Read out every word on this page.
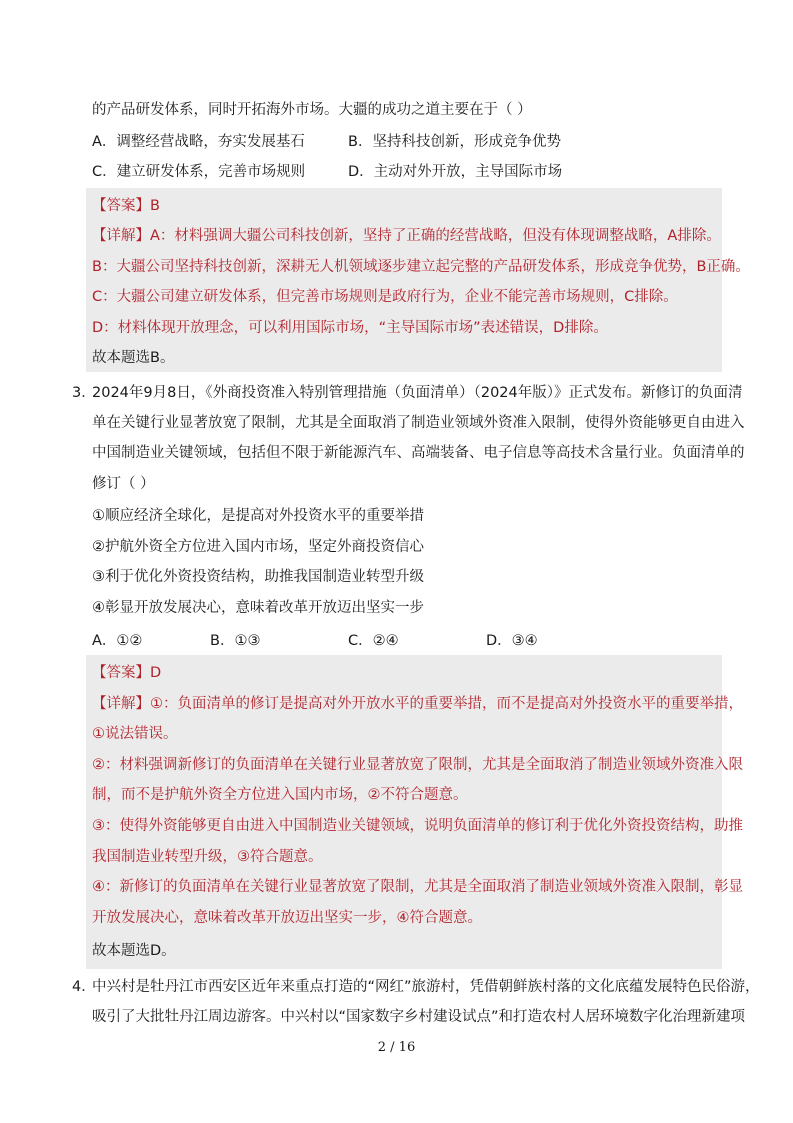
的产品研发体系，同时开拓海外市场。大疆的成功之道主要在于（ ）
A．调整经营战略，夯实发展基石	B．坚持科技创新，形成竞争优势
C．建立研发体系，完善市场规则	D．主动对外开放，主导国际市场
【答案】B
【详解】A：材料强调大疆公司科技创新，坚持了正确的经营战略，但没有体现调整战略，A排除。
B：大疆公司坚持科技创新，深耕无人机领域逐步建立起完整的产品研发体系，形成竞争优势，B正确。
C：大疆公司建立研发体系，但完善市场规则是政府行为，企业不能完善市场规则，C排除。
D：材料体现开放理念，可以利用国际市场，“主导国际市场”表述错误，D排除。
故本题选B。
3．
2024年9月8日，《外商投资准入特别管理措施（负面清单）（2024年版）》正式发布。新修订的负面清
单在关键行业显著放宽了限制，尤其是全面取消了制造业领域外资准入限制，使得外资能够更自由进入
中国制造业关键领域，包括但不限于新能源汽车、高端装备、电子信息等高技术含量行业。负面清单的
修订（ ）
①顺应经济全球化，是提高对外投资水平的重要举措
②护航外资全方位进入国内市场，坚定外商投资信心
③利于优化外资投资结构，助推我国制造业转型升级
④彰显开放发展决心，意味着改革开放迈出坚实一步
A．①②	B．①③	C．②④	D．③④
【答案】D
【详解】①：负面清单的修订是提高对外开放水平的重要举措，而不是提高对外投资水平的重要举措，
①说法错误。
②：材料强调新修订的负面清单在关键行业显著放宽了限制，尤其是全面取消了制造业领域外资准入限
制，而不是护航外资全方位进入国内市场，②不符合题意。
③：使得外资能够更自由进入中国制造业关键领域，说明负面清单的修订利于优化外资投资结构，助推
我国制造业转型升级，③符合题意。
④：新修订的负面清单在关键行业显著放宽了限制，尤其是全面取消了制造业领域外资准入限制，彰显
开放发展决心，意味着改革开放迈出坚实一步，④符合题意。
故本题选D。
4．
中兴村是牡丹江市西安区近年来重点打造的“网红”旅游村，凭借朝鲜族村落的文化底蕴发展特色民俗游，
吸引了大批牡丹江周边游客。中兴村以“国家数字乡村建设试点”和打造农村人居环境数字化治理新建项
2 / 16
